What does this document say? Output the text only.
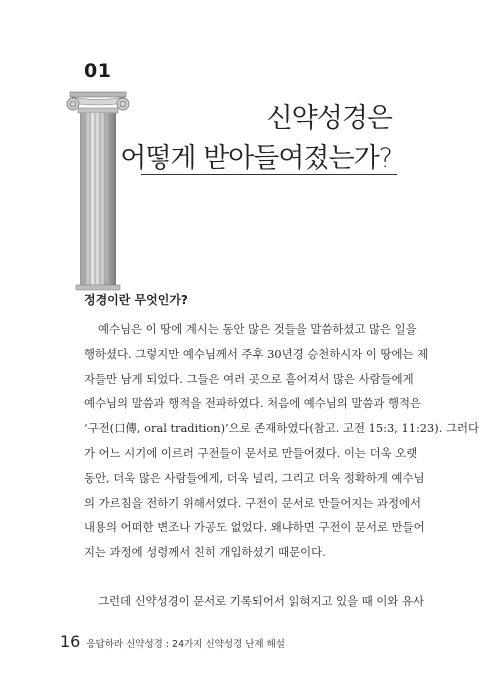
01
신약성경은
어떻게 받아들여졌는가?
정경이란 무엇인가?
예수님은 이 땅에 계시는 동안 많은 것들을 말씀하셨고 많은 일을
행하셨다. 그렇지만 예수님께서 주후 30년경 승천하시자 이 땅에는 제
자들만 남게 되었다. 그들은 여러 곳으로 흩어져서 많은 사람들에게
예수님의 말씀과 행적을 전파하였다. 처음에 예수님의 말씀과 행적은
‘구전(口傳, oral tradition)’으로 존재하였다(참고. 고전 15:3, 11:23). 그러다
가 어느 시기에 이르러 구전들이 문서로 만들어졌다. 이는 더욱 오랫
동안, 더욱 많은 사람들에게, 더욱 널리, 그리고 더욱 정확하게 예수님
의 가르침을 전하기 위해서였다. 구전이 문서로 만들어지는 과정에서
내용의 어떠한 변조나 가공도 없었다. 왜냐하면 구전이 문서로 만들어
지는 과정에 성령께서 친히 개입하셨기 때문이다.
그런데 신약성경이 문서로 기록되어서 읽혀지고 있을 때 이와 유사
16 응답하라 신약성경 : 24가지 신약성경 난제 해설
